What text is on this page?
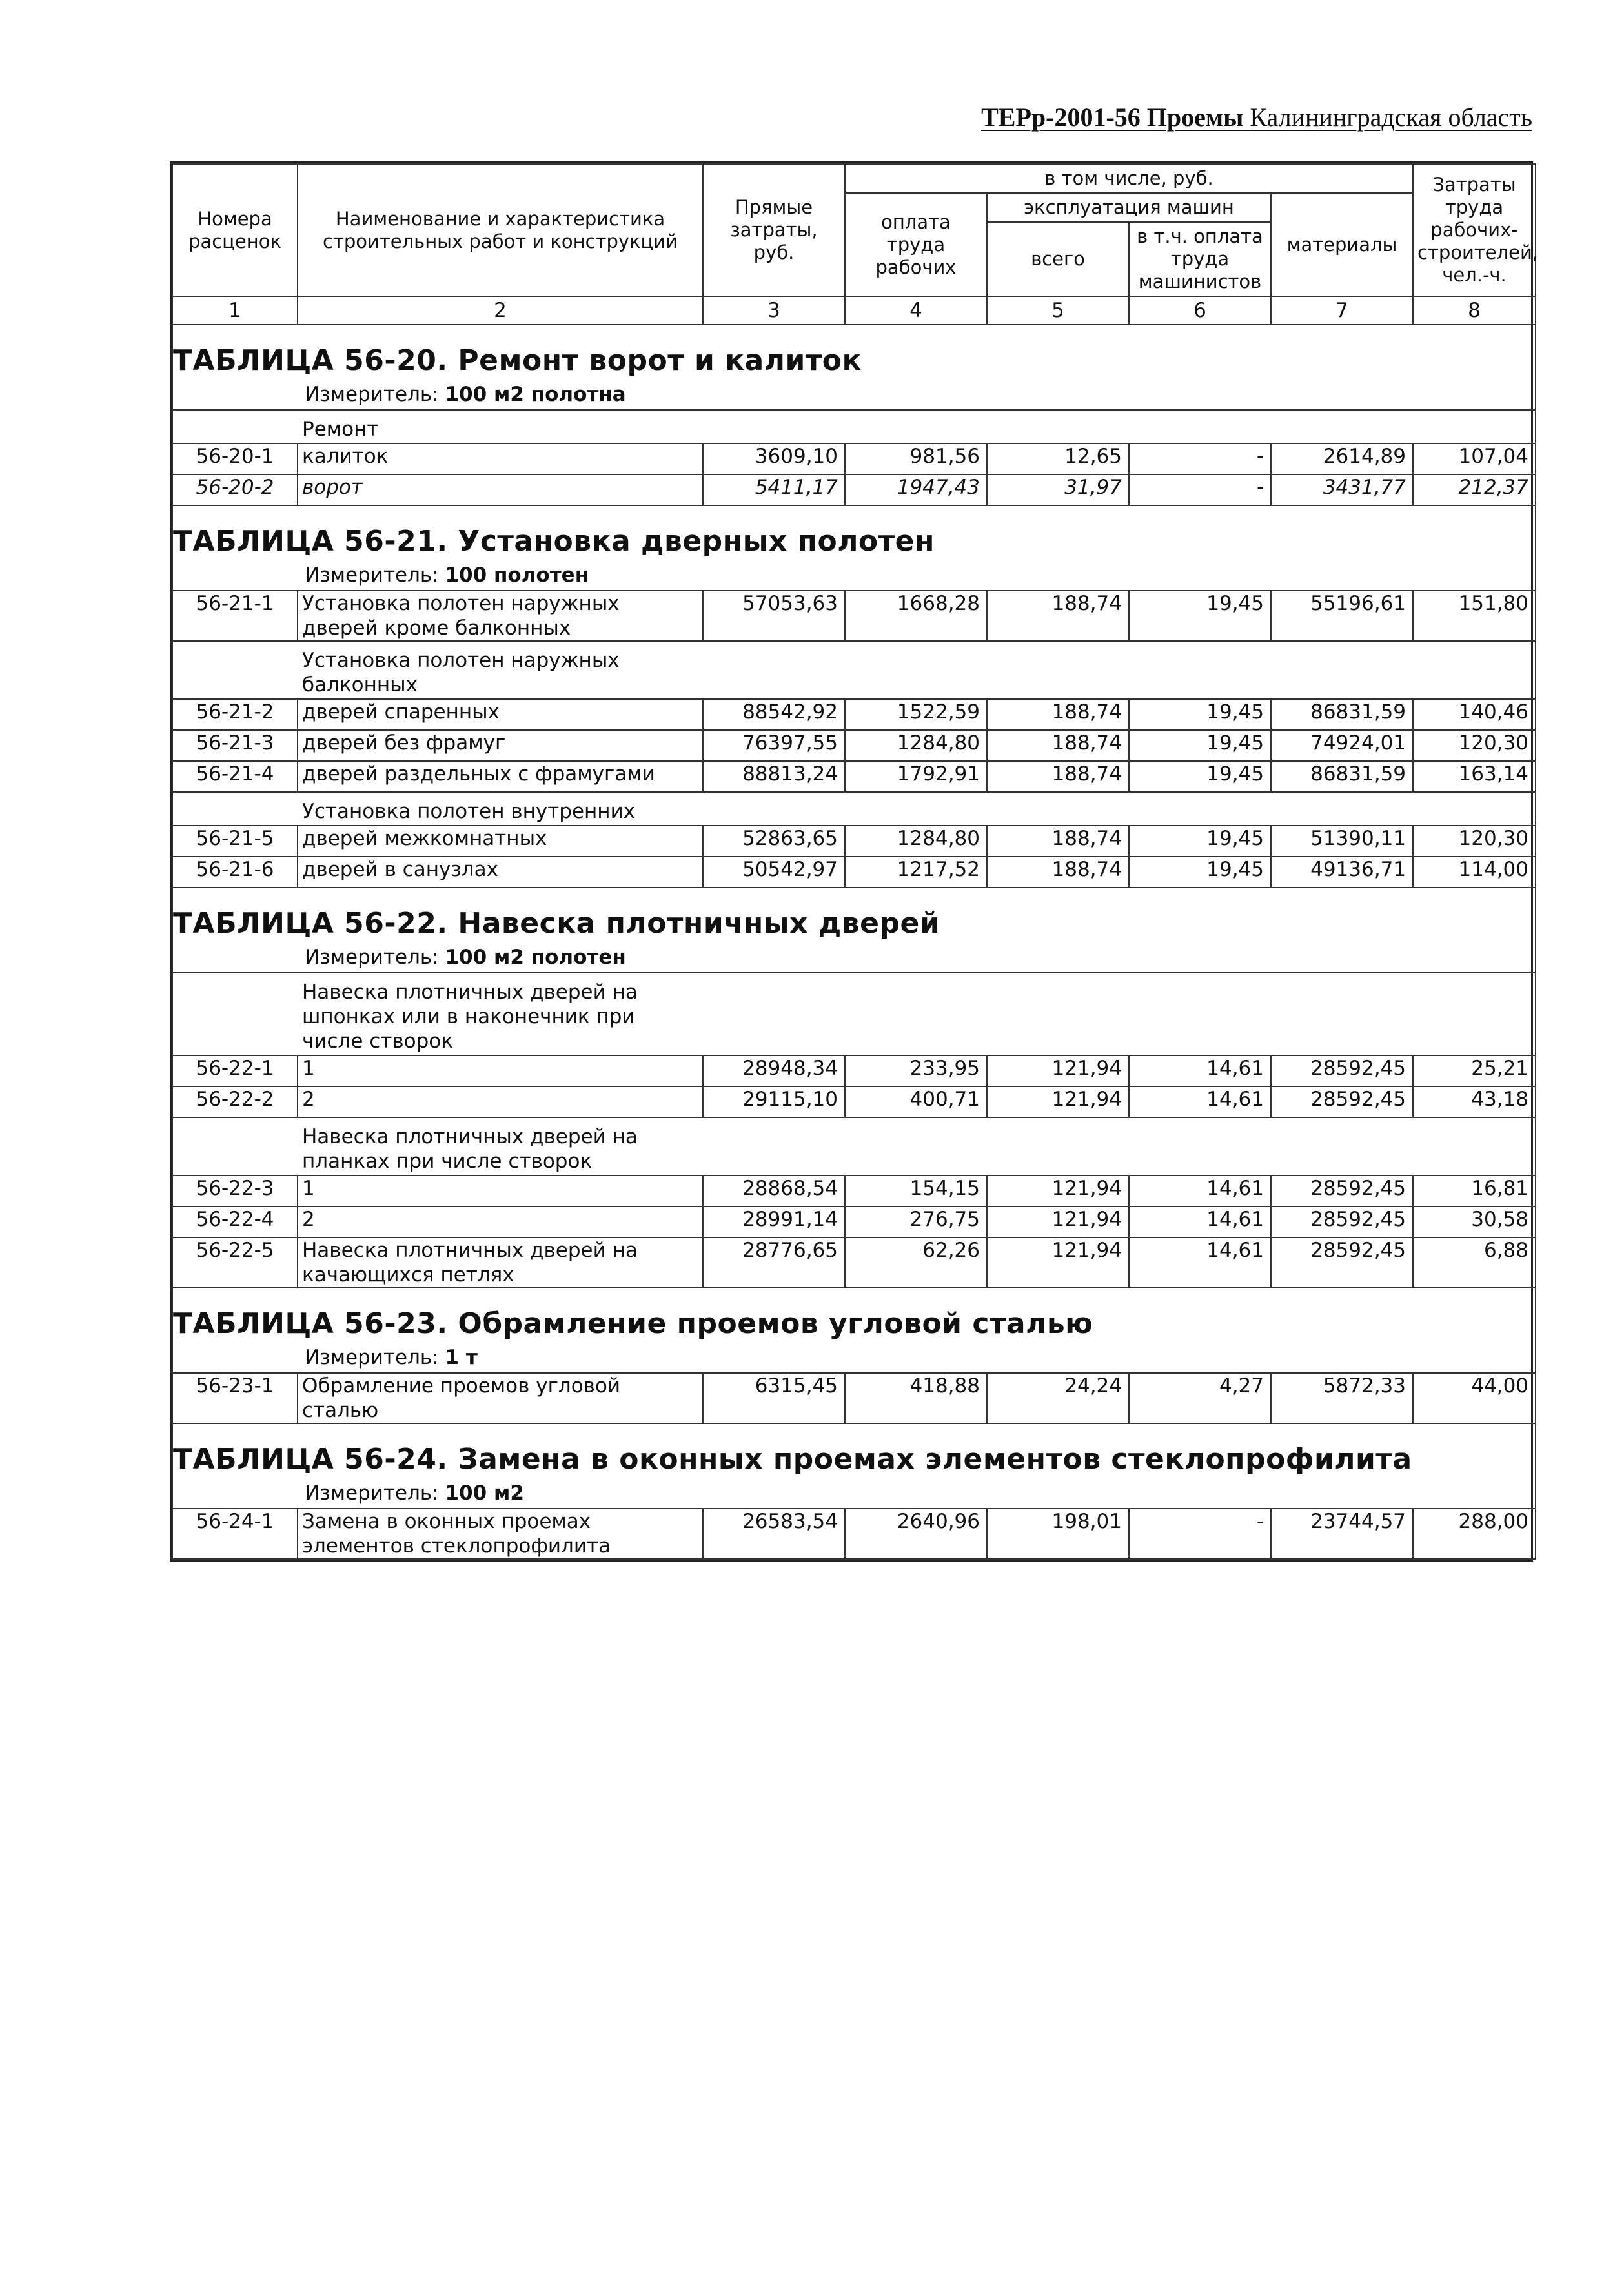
ТЕРр-2001-56 Проемы Калининградская область
Номера расценок	Наименование и характеристика строительных работ и конструкций	Прямые затраты, руб.	в том числе, руб.				Затраты труда рабочих-строителей, чел.-ч.
			оплата труда рабочих	эксплуатация машин		материалы	
				всего	в т.ч. оплата труда машинистов		
1	2	3	4	5	6	7	8
ТАБЛИЦА 56-20. Ремонт ворот и калиток							
	Измеритель: 100 м2 полотна						
	Ремонт						
56-20-1	калиток	3609,10	981,56	12,65	-	2614,89	107,04
56-20-2	ворот	5411,17	1947,43	31,97	-	3431,77	212,37
ТАБЛИЦА 56-21. Установка дверных полотен							
	Измеритель: 100 полотен						
56-21-1	Установка полотен наружных дверей кроме балконных	57053,63	1668,28	188,74	19,45	55196,61	151,80
	Установка полотен наружных балконных						
56-21-2	дверей спаренных	88542,92	1522,59	188,74	19,45	86831,59	140,46
56-21-3	дверей без фрамуг	76397,55	1284,80	188,74	19,45	74924,01	120,30
56-21-4	дверей раздельных с фрамугами	88813,24	1792,91	188,74	19,45	86831,59	163,14
	Установка полотен внутренних						
56-21-5	дверей межкомнатных	52863,65	1284,80	188,74	19,45	51390,11	120,30
56-21-6	дверей в санузлах	50542,97	1217,52	188,74	19,45	49136,71	114,00
ТАБЛИЦА 56-22. Навеска плотничных дверей							
	Измеритель: 100 м2 полотен						
	Навеска плотничных дверей на шпонках или в наконечник при числе створок						
56-22-1	1	28948,34	233,95	121,94	14,61	28592,45	25,21
56-22-2	2	29115,10	400,71	121,94	14,61	28592,45	43,18
	Навеска плотничных дверей на планках при числе створок						
56-22-3	1	28868,54	154,15	121,94	14,61	28592,45	16,81
56-22-4	2	28991,14	276,75	121,94	14,61	28592,45	30,58
56-22-5	Навеска плотничных дверей на качающихся петлях	28776,65	62,26	121,94	14,61	28592,45	6,88
ТАБЛИЦА 56-23. Обрамление проемов угловой сталью							
	Измеритель: 1 т						
56-23-1	Обрамление проемов угловой сталью	6315,45	418,88	24,24	4,27	5872,33	44,00
ТАБЛИЦА 56-24. Замена в оконных проемах элементов стеклопрофилита							
	Измеритель: 100 м2						
56-24-1	Замена в оконных проемах элементов стеклопрофилита	26583,54	2640,96	198,01	-	23744,57	288,00
